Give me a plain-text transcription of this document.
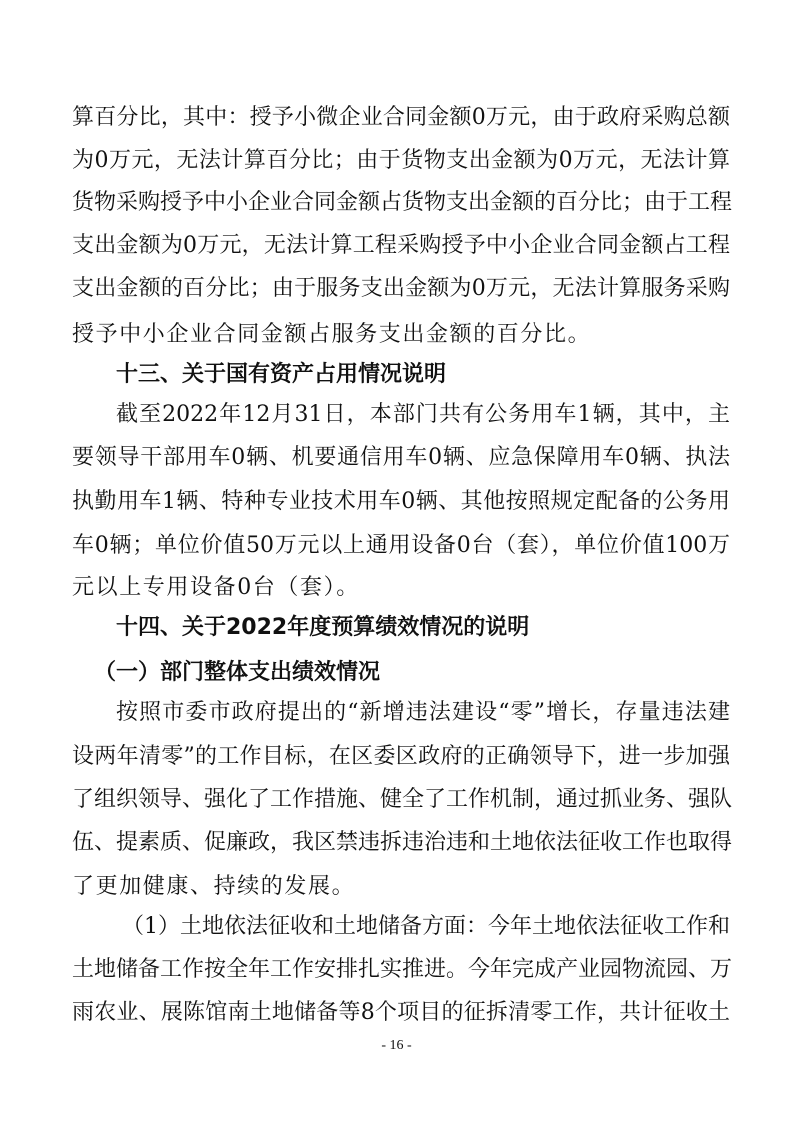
算百分比，其中：授予小微企业合同金额0万元，由于政府采购总额
为0万元，无法计算百分比；由于货物支出金额为0万元，无法计算
货物采购授予中小企业合同金额占货物支出金额的百分比；由于工程
支出金额为0万元，无法计算工程采购授予中小企业合同金额占工程
支出金额的百分比；由于服务支出金额为0万元，无法计算服务采购
授予中小企业合同金额占服务支出金额的百分比。
十三、关于国有资产占用情况说明
截至2022年12月31日，本部门共有公务用车1辆，其中，主
要领导干部用车0辆、机要通信用车0辆、应急保障用车0辆、执法
执勤用车1辆、特种专业技术用车0辆、其他按照规定配备的公务用
车0辆；单位价值50万元以上通用设备0台（套），单位价值100万
元以上专用设备0台（套）。
十四、关于2022年度预算绩效情况的说明
（一）部门整体支出绩效情况
按照市委市政府提出的“新增违法建设“零”增长，存量违法建
设两年清零”的工作目标，在区委区政府的正确领导下，进一步加强
了组织领导、强化了工作措施、健全了工作机制，通过抓业务、强队
伍、提素质、促廉政，我区禁违拆违治违和土地依法征收工作也取得
了更加健康、持续的发展。
（1）土地依法征收和土地储备方面：今年土地依法征收工作和
土地储备工作按全年工作安排扎实推进。今年完成产业园物流园、万
雨农业、展陈馆南土地储备等8个项目的征拆清零工作，共计征收土
- 16 -
